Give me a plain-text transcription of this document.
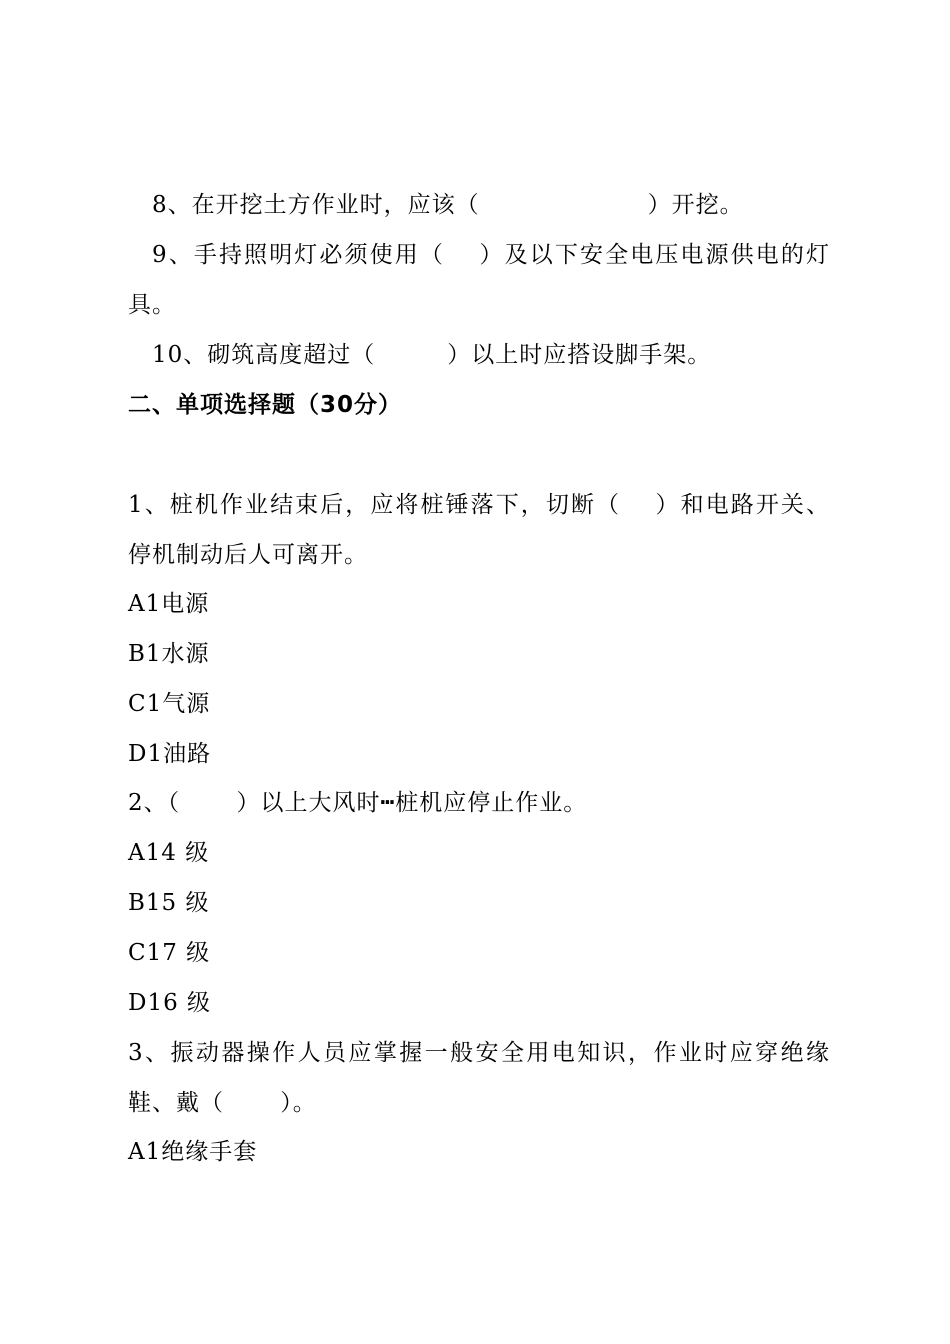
8、在开挖土方作业时，应该（　　　　　　　）开挖。
9、手持照明灯必须使用（　 ）及以下安全电压电源供电的灯
具。
10、砌筑高度超过（　　　）以上时应搭设脚手架。
二、单项选择题（30分）
1、桩机作业结束后，应将桩锤落下，切断（　 ）和电路开关、
停机制动后人可离开。
A1电源
B1水源
C1气源
D1油路
2、（　　 ）以上大风时┅桩机应停止作业。
A14 级
B15 级
C17 级
D16 级
3、振动器操作人员应掌握一般安全用电知识，作业时应穿绝缘
鞋、戴（　　 ）。
A1绝缘手套
